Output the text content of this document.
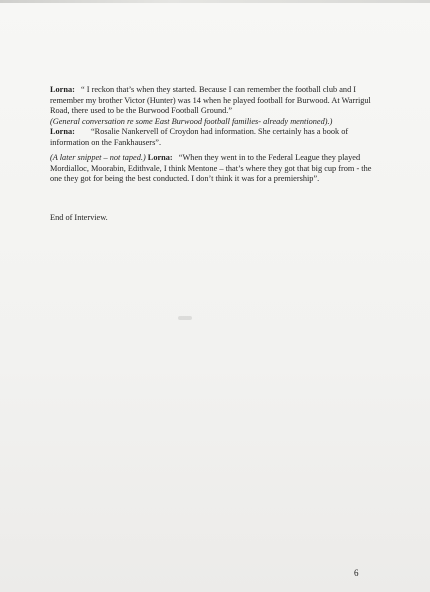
Lorna: “ I reckon that’s when they started. Because I can remember the football club and I remember my brother Victor (Hunter) was 14 when he played football for Burwood. At Warrigul Road, there used to be the Burwood Football Ground.”

(General conversation re some East Burwood football families- already mentioned).)

Lorna: “Rosalie Nankervell of Croydon had information. She certainly has a book of information on the Fankhausers”.

(A later snippet – not taped.) Lorna: “When they went in to the Federal League they played Mordialloc, Moorabin, Edithvale, I think Mentone – that’s where they got that big cup from - the one they got for being the best conducted. I don’t think it was for a premiership”.

End of Interview.

6
